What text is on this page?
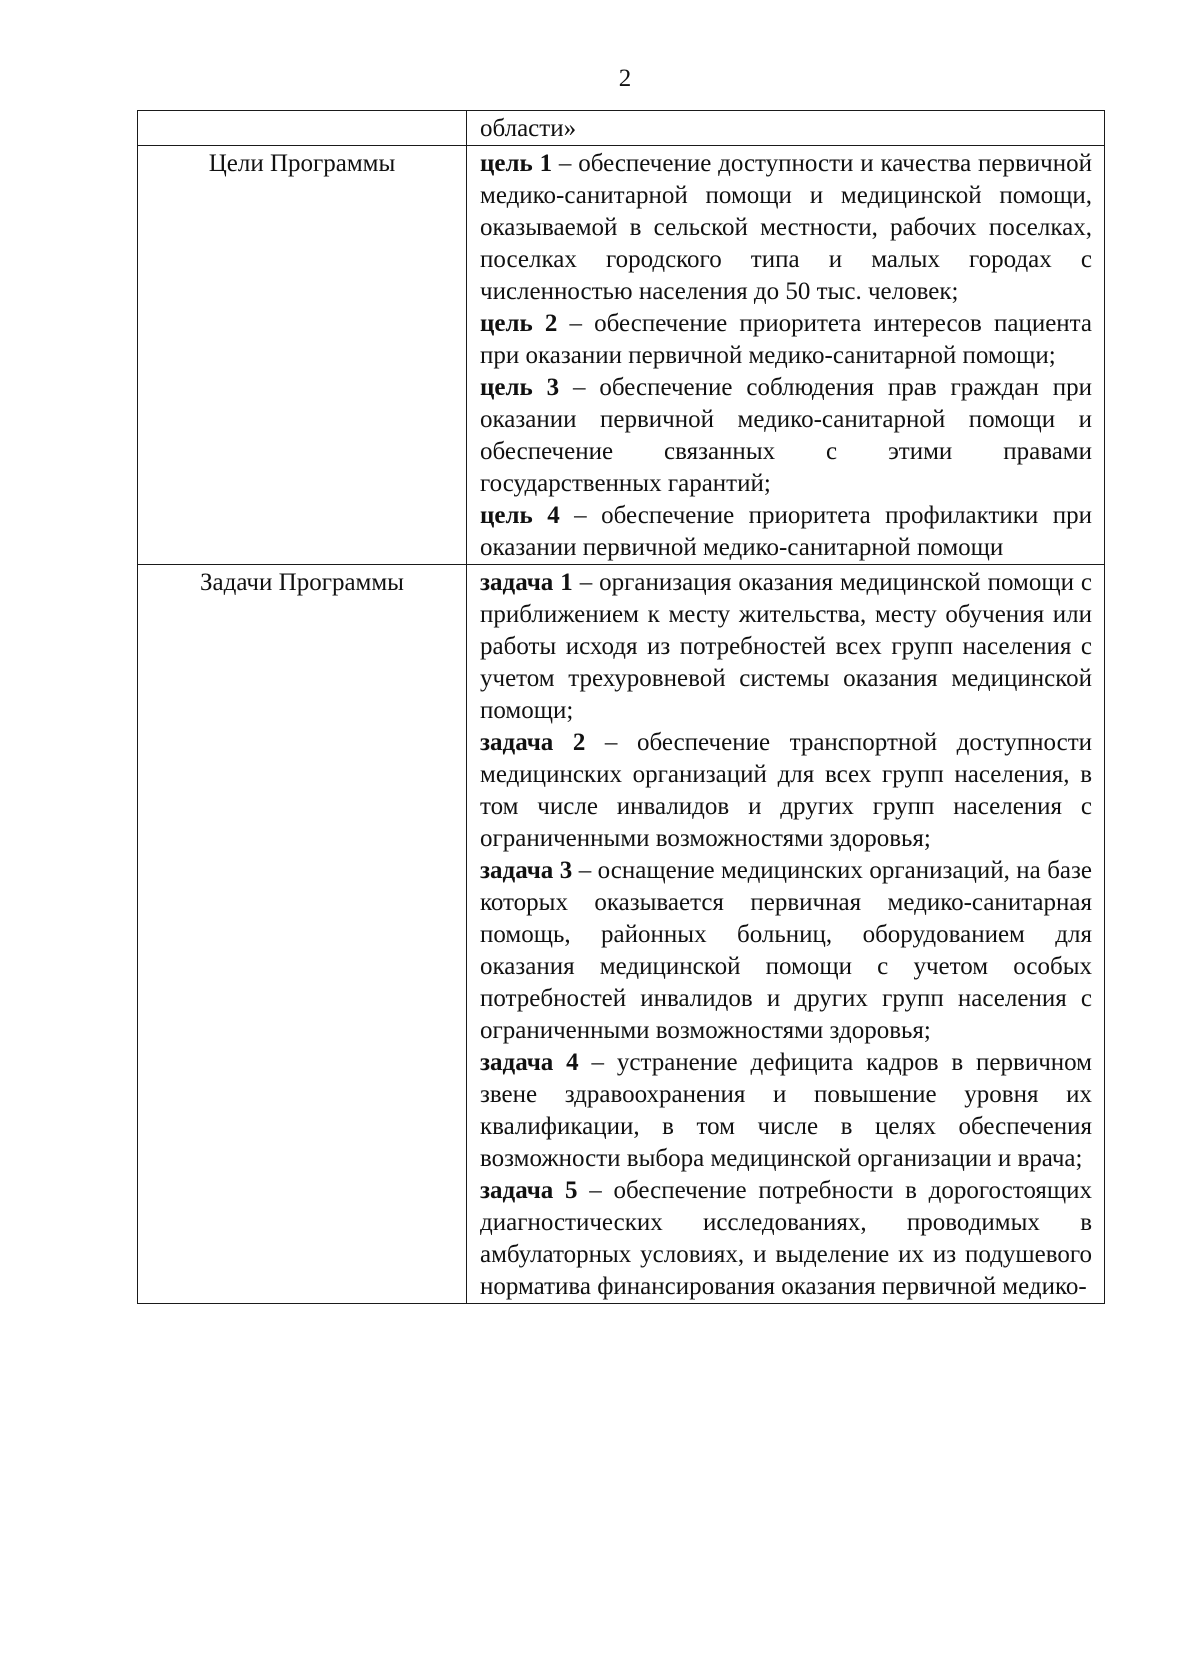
2

	области»

Цели Программы	цель 1 – обеспечение доступности и качества первичной медико-санитарной помощи и медицинской помощи, оказываемой в сельской местности, рабочих поселках, поселках городского типа и малых городах с численностью населения до 50 тыс. человек;
цель 2 – обеспечение приоритета интересов пациента при оказании первичной медико-санитарной помощи;
цель 3 – обеспечение соблюдения прав граждан при оказании первичной медико-санитарной помощи и обеспечение связанных с этими правами государственных гарантий;
цель 4 – обеспечение приоритета профилактики при оказании первичной медико-санитарной помощи

Задачи Программы	задача 1 – организация оказания медицинской помощи с приближением к месту жительства, месту обучения или работы исходя из потребностей всех групп населения с учетом трехуровневой системы оказания медицинской помощи;
задача 2 – обеспечение транспортной доступности медицинских организаций для всех групп населения, в том числе инвалидов и других групп населения с ограниченными возможностями здоровья;
задача 3 – оснащение медицинских организаций, на базе которых оказывается первичная медико-санитарная помощь, районных больниц, оборудованием для оказания медицинской помощи с учетом особых потребностей инвалидов и других групп населения с ограниченными возможностями здоровья;
задача 4 – устранение дефицита кадров в первичном звене здравоохранения и повышение уровня их квалификации, в том числе в целях обеспечения возможности выбора медицинской организации и врача;
задача 5 – обеспечение потребности в дорогостоящих диагностических исследованиях, проводимых в амбулаторных условиях, и выделение их из подушевого норматива финансирования оказания первичной медико-
